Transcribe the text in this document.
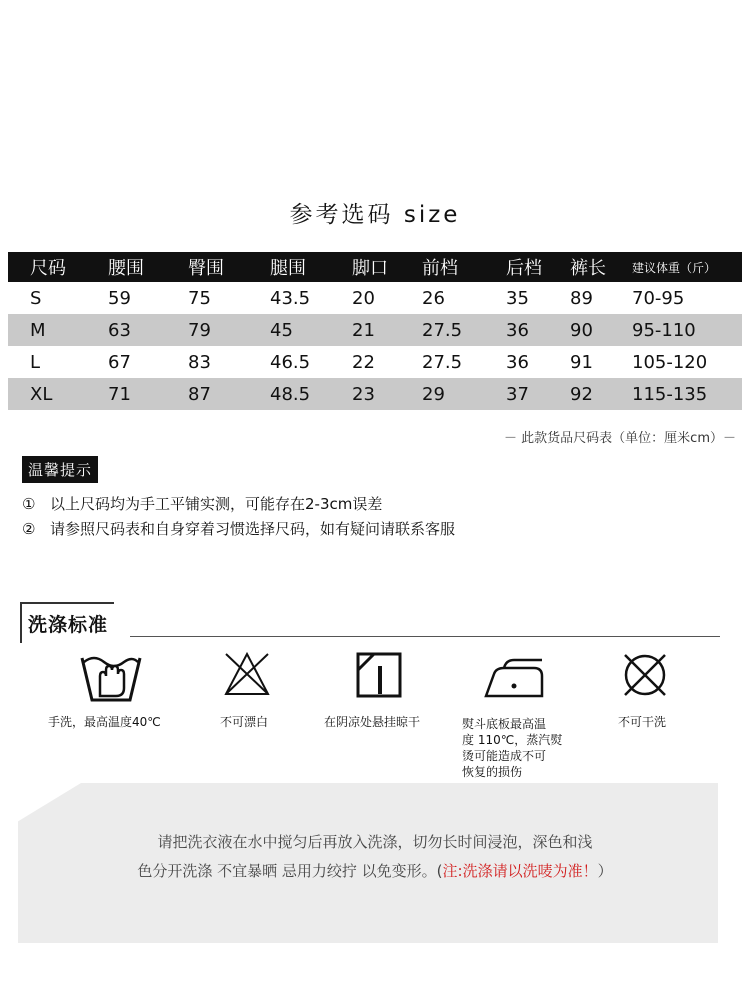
参考选码 size
尺码	腰围	臀围	腿围	脚口	前档	后档	裤长	建议体重（斤）
S	59	75	43.5	20	26	35	89	70-95
M	63	79	45	21	27.5	36	90	95-110
L	67	83	46.5	22	27.5	36	91	105-120
XL	71	87	48.5	23	29	37	92	115-135
－ 此款货品尺码表（单位：厘米cm）－
温馨提示
① 以上尺码均为手工平铺实测，可能存在2-3cm误差
② 请参照尺码表和自身穿着习惯选择尺码，如有疑问请联系客服
洗涤标准
手洗，最高温度40℃	不可漂白	在阴凉处悬挂晾干	熨斗底板最高温
度 110℃，蒸汽熨
烫可能造成不可
恢复的损伤
不可干洗
请把洗衣液在水中搅匀后再放入洗涤，切勿长时间浸泡，深色和浅
色分开洗涤 不宜暴晒 忌用力绞拧 以免变形。(注:洗涤请以洗唛为准！）
